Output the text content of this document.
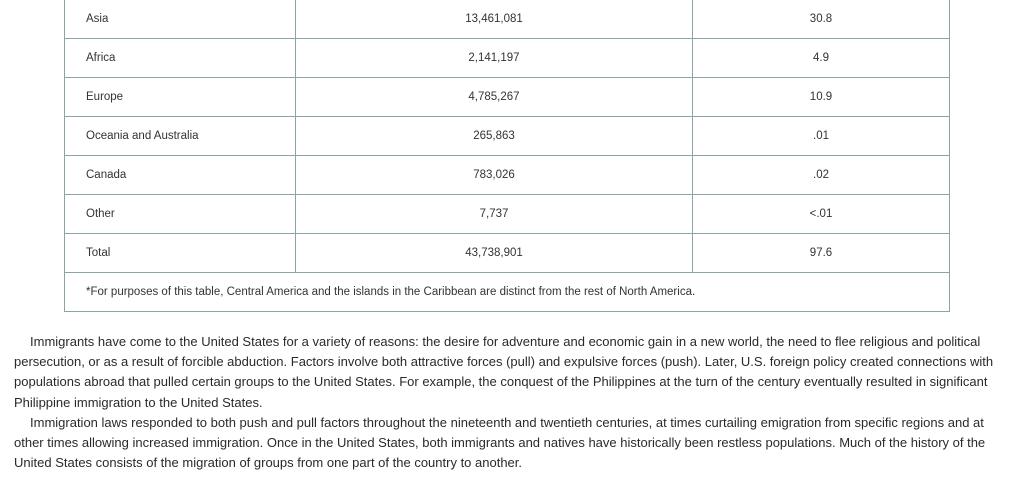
Asia	13,461,081	30.8
Africa	2,141,197	4.9
Europe	4,785,267	10.9
Oceania and Australia	265,863	.01
Canada	783,026	.02
Other	7,737	<.01
Total	43,738,901	97.6
*For purposes of this table, Central America and the islands in the Caribbean are distinct from the rest of North America.		

Immigrants have come to the United States for a variety of reasons: the desire for adventure and economic gain in a new world, the need to flee religious and political persecution, or as a result of forcible abduction. Factors involve both attractive forces (pull) and expulsive forces (push). Later, U.S. foreign policy created connections with populations abroad that pulled certain groups to the United States. For example, the conquest of the Philippines at the turn of the century eventually resulted in significant Philippine immigration to the United States.

Immigration laws responded to both push and pull factors throughout the nineteenth and twentieth centuries, at times curtailing emigration from specific regions and at other times allowing increased immigration. Once in the United States, both immigrants and natives have historically been restless populations. Much of the history of the United States consists of the migration of groups from one part of the country to another.
